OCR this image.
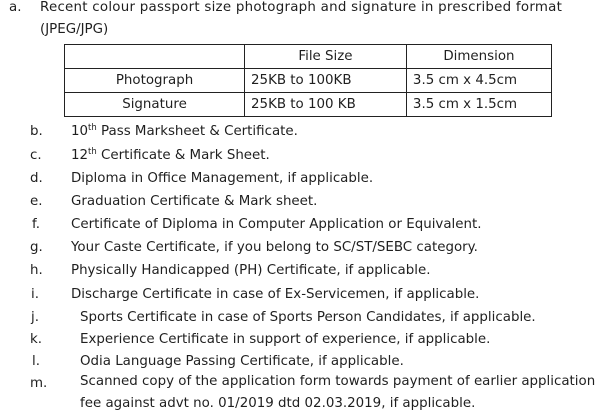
a.	Recent colour passport size photograph and signature in prescribed format
(JPEG/JPG)
	File Size	Dimension
Photograph	25KB to 100KB	3.5 cm x 4.5cm
Signature	25KB to 100 KB	3.5 cm x 1.5cm
b.	10th Pass Marksheet & Certificate.
c.	12th Certificate & Mark Sheet.
d.	Diploma in Office Management, if applicable.
e.	Graduation Certificate & Mark sheet.
f.	Certificate of Diploma in Computer Application or Equivalent.
g.	Your Caste Certificate, if you belong to SC/ST/SEBC category.
h.	Physically Handicapped (PH) Certificate, if applicable.
i.	Discharge Certificate in case of Ex-Servicemen, if applicable.
j.	Sports Certificate in case of Sports Person Candidates, if applicable.
k.	Experience Certificate in support of experience, if applicable.
l.	Odia Language Passing Certificate, if applicable.
m.	Scanned copy of the application form towards payment of earlier application
fee against advt no. 01/2019 dtd 02.03.2019, if applicable.
